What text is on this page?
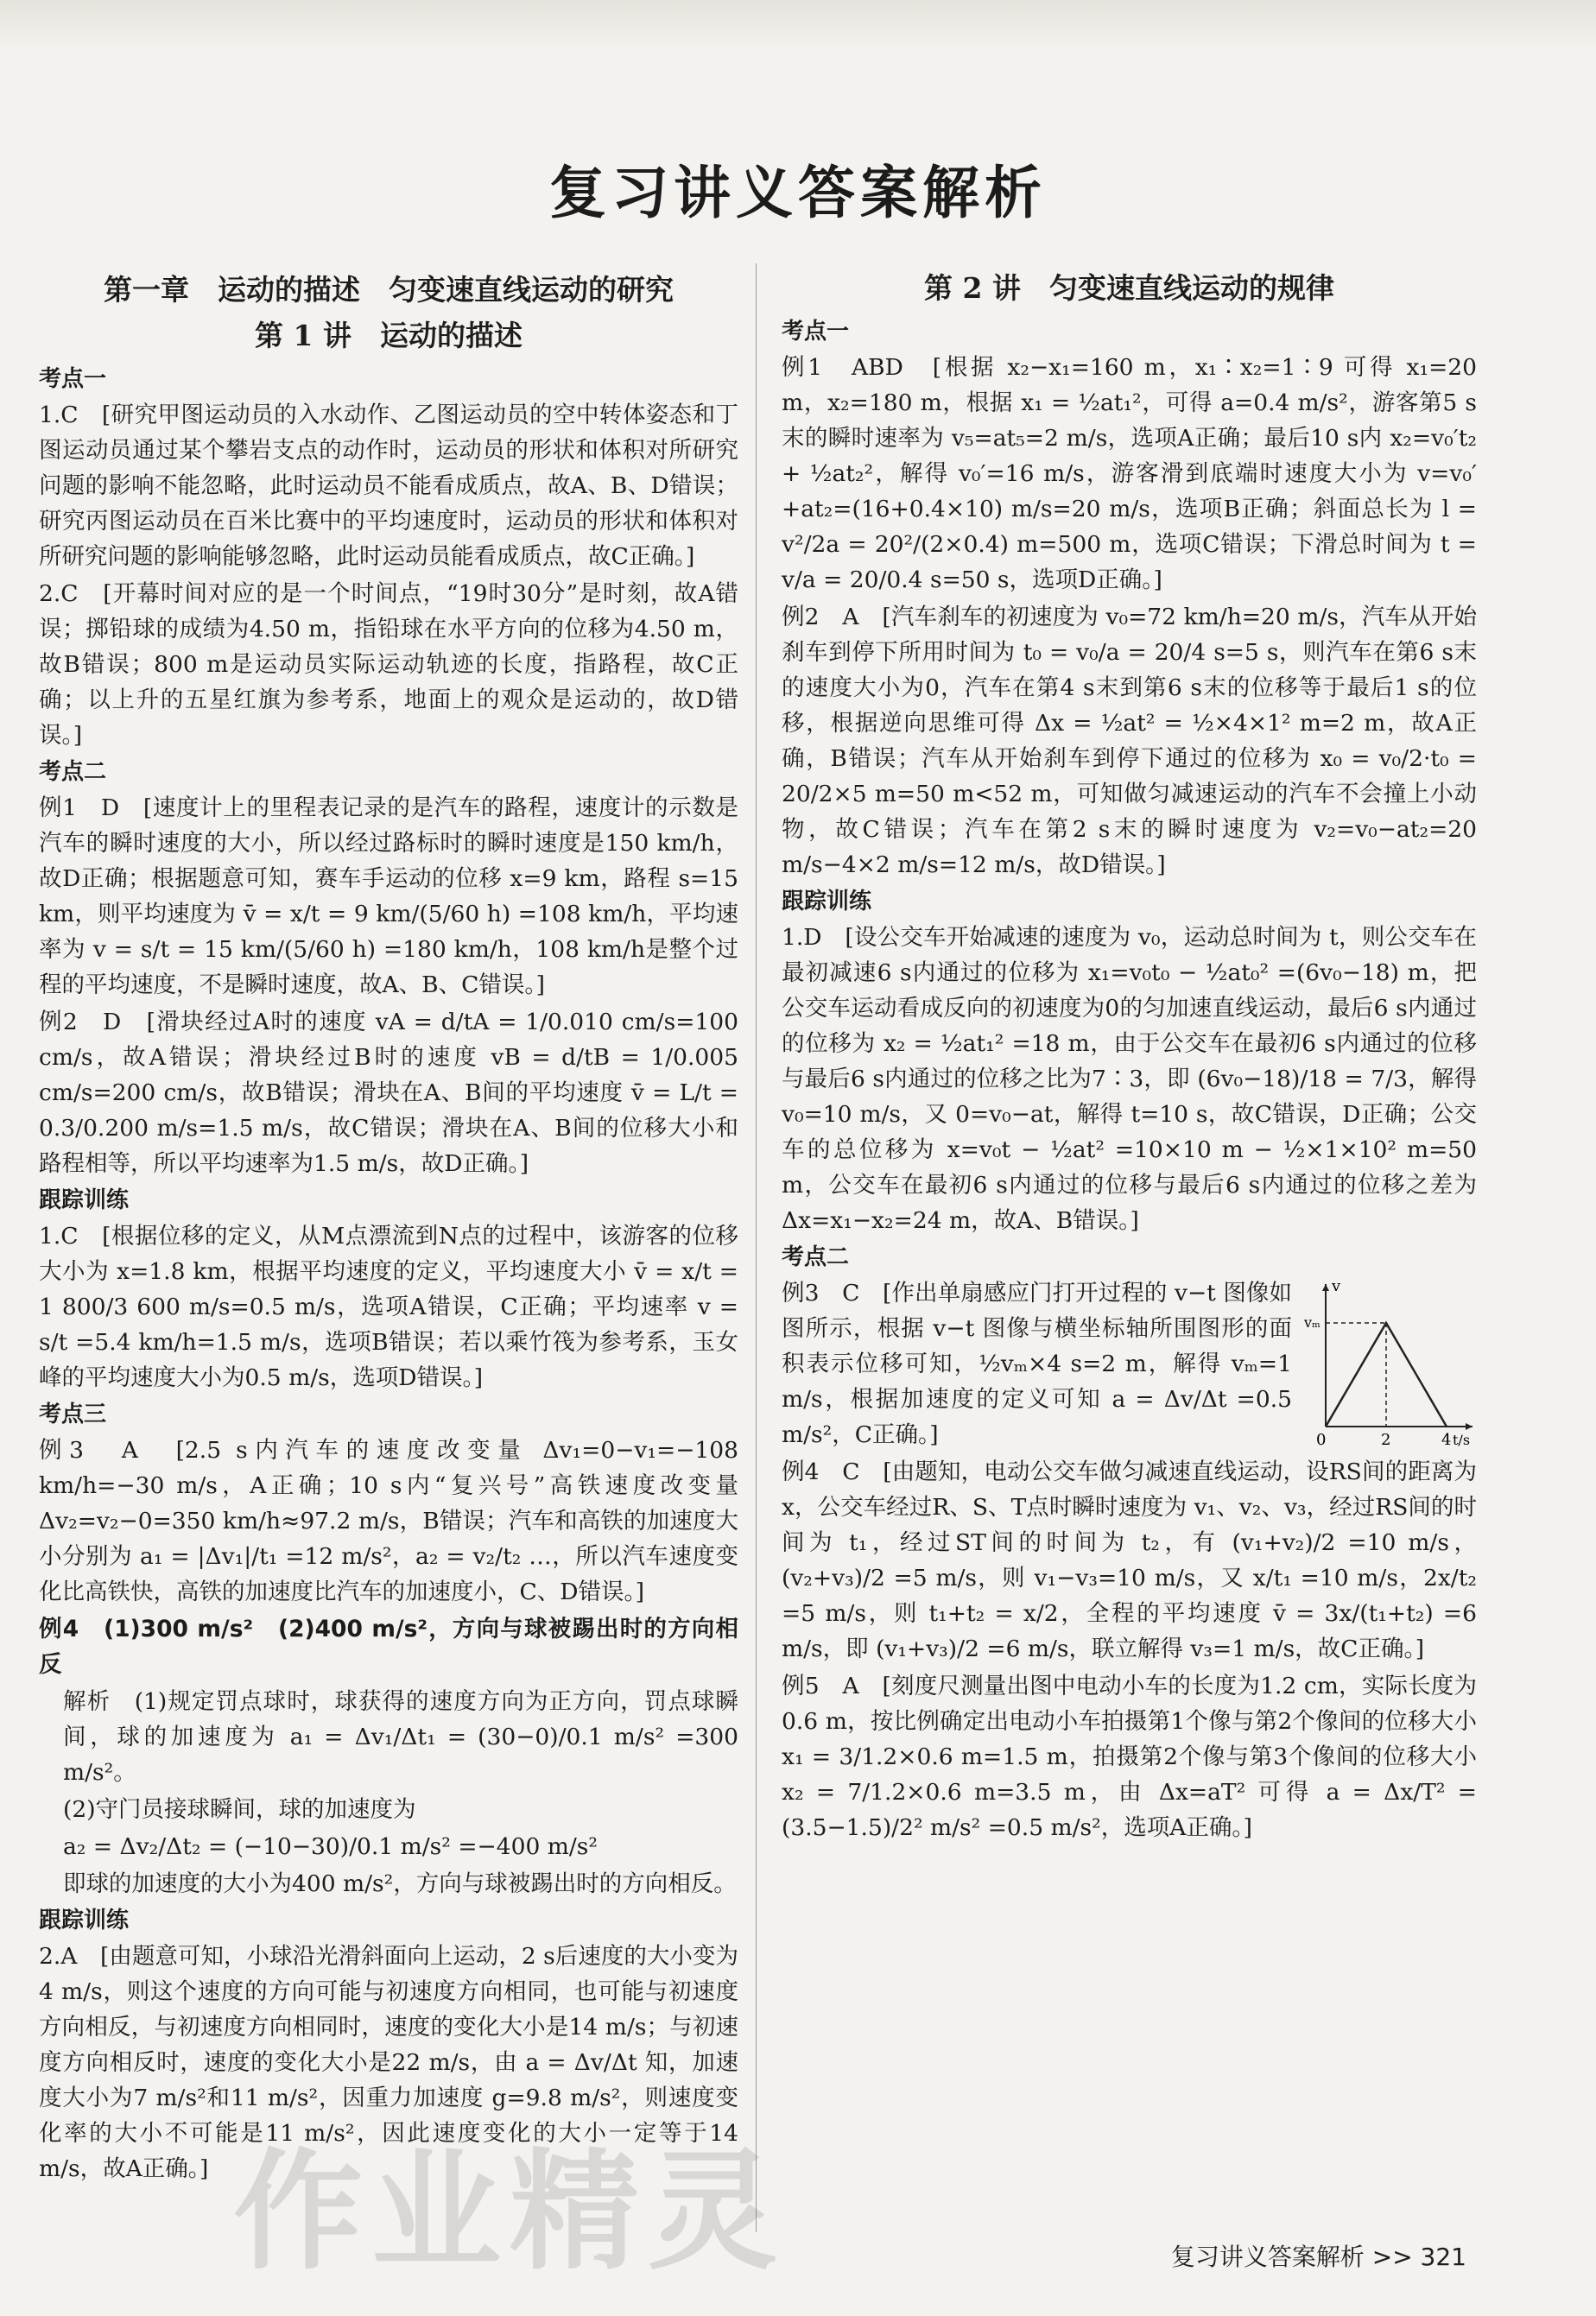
复习讲义答案解析
第一章　运动的描述　匀变速直线运动的研究
第 1 讲　运动的描述
考点一
1.C　[研究甲图运动员的入水动作、乙图运动员的空中转体姿态和丁图运动员通过某个攀岩支点的动作时，运动员的形状和体积对所研究问题的影响不能忽略，此时运动员不能看成质点，故A、B、D错误；研究丙图运动员在百米比赛中的平均速度时，运动员的形状和体积对所研究问题的影响能够忽略，此时运动员能看成质点，故C正确。]
2.C　[开幕时间对应的是一个时间点，“19时30分”是时刻，故A错误；掷铅球的成绩为4.50 m，指铅球在水平方向的位移为4.50 m，故B错误；800 m是运动员实际运动轨迹的长度，指路程，故C正确；以上升的五星红旗为参考系，地面上的观众是运动的，故D错误。]
考点二
例1　D　[速度计上的里程表记录的是汽车的路程，速度计的示数是汽车的瞬时速度的大小，所以经过路标时的瞬时速度是150 km/h，故D正确；根据题意可知，赛车手运动的位移 x=9 km，路程 s=15 km，则平均速度为 v̄ = x/t = 9 km/(5/60 h) =108 km/h，平均速率为 v = s/t = 15 km/(5/60 h) =180 km/h，108 km/h是整个过程的平均速度，不是瞬时速度，故A、B、C错误。]
例2　D　[滑块经过A时的速度 vA = d/tA = 1/0.010 cm/s=100 cm/s，故A错误；滑块经过B时的速度 vB = d/tB = 1/0.005 cm/s=200 cm/s，故B错误；滑块在A、B间的平均速度 v̄ = L/t = 0.3/0.200 m/s=1.5 m/s，故C错误；滑块在A、B间的位移大小和路程相等，所以平均速率为1.5 m/s，故D正确。]
跟踪训练
1.C　[根据位移的定义，从M点漂流到N点的过程中，该游客的位移大小为 x=1.8 km，根据平均速度的定义，平均速度大小 v̄ = x/t = 1 800/3 600 m/s=0.5 m/s，选项A错误，C正确；平均速率 v = s/t =5.4 km/h=1.5 m/s，选项B错误；若以乘竹筏为参考系，玉女峰的平均速度大小为0.5 m/s，选项D错误。]
考点三
例3　A　[2.5 s内汽车的速度改变量 Δv₁=0−v₁=−108 km/h=−30 m/s，A正确；10 s内“复兴号”高铁速度改变量 Δv₂=v₂−0=350 km/h≈97.2 m/s，B错误；汽车和高铁的加速度大小分别为 a₁ = |Δv₁|/t₁ =12 m/s²，a₂ = v₂/t₂ …，所以汽车速度变化比高铁快，高铁的加速度比汽车的加速度小，C、D错误。]
例4　(1)300 m/s²　(2)400 m/s²，方向与球被踢出时的方向相反
解析　(1)规定罚点球时，球获得的速度方向为正方向，罚点球瞬间，球的加速度为 a₁ = Δv₁/Δt₁ = (30−0)/0.1 m/s² =300 m/s²。
(2)守门员接球瞬间，球的加速度为
a₂ = Δv₂/Δt₂ = (−10−30)/0.1 m/s² =−400 m/s²
即球的加速度的大小为400 m/s²，方向与球被踢出时的方向相反。
跟踪训练
2.A　[由题意可知，小球沿光滑斜面向上运动，2 s后速度的大小变为4 m/s，则这个速度的方向可能与初速度方向相同，也可能与初速度方向相反，与初速度方向相同时，速度的变化大小是14 m/s；与初速度方向相反时，速度的变化大小是22 m/s，由 a = Δv/Δt 知，加速度大小为7 m/s²和11 m/s²，因重力加速度 g=9.8 m/s²，则速度变化率的大小不可能是11 m/s²，因此速度变化的大小一定等于14 m/s，故A正确。]
第 2 讲　匀变速直线运动的规律
考点一
例1　ABD　[根据 x₂−x₁=160 m，x₁∶x₂=1∶9 可得 x₁=20 m，x₂=180 m，根据 x₁ = ½at₁²，可得 a=0.4 m/s²，游客第5 s末的瞬时速率为 v₅=at₅=2 m/s，选项A正确；最后10 s内 x₂=v₀′t₂ + ½at₂²，解得 v₀′=16 m/s，游客滑到底端时速度大小为 v=v₀′+at₂=(16+0.4×10) m/s=20 m/s，选项B正确；斜面总长为 l = v²/2a = 20²/(2×0.4) m=500 m，选项C错误；下滑总时间为 t = v/a = 20/0.4 s=50 s，选项D正确。]
例2　A　[汽车刹车的初速度为 v₀=72 km/h=20 m/s，汽车从开始刹车到停下所用时间为 t₀ = v₀/a = 20/4 s=5 s，则汽车在第6 s末的速度大小为0，汽车在第4 s末到第6 s末的位移等于最后1 s的位移，根据逆向思维可得 Δx = ½at² = ½×4×1² m=2 m，故A正确，B错误；汽车从开始刹车到停下通过的位移为 x₀ = v₀/2·t₀ = 20/2×5 m=50 m<52 m，可知做匀减速运动的汽车不会撞上小动物，故C错误；汽车在第2 s末的瞬时速度为 v₂=v₀−at₂=20 m/s−4×2 m/s=12 m/s，故D错误。]
跟踪训练
1.D　[设公交车开始减速的速度为 v₀，运动总时间为 t，则公交车在最初减速6 s内通过的位移为 x₁=v₀t₀ − ½at₀² =(6v₀−18) m，把公交车运动看成反向的初速度为0的匀加速直线运动，最后6 s内通过的位移为 x₂ = ½at₁² =18 m，由于公交车在最初6 s内通过的位移与最后6 s内通过的位移之比为7∶3，即 (6v₀−18)/18 = 7/3，解得 v₀=10 m/s，又 0=v₀−at，解得 t=10 s，故C错误，D正确；公交车的总位移为 x=v₀t − ½at² =10×10 m − ½×1×10² m=50 m，公交车在最初6 s内通过的位移与最后6 s内通过的位移之差为 Δx=x₁−x₂=24 m，故A、B错误。]
考点二
v
vₘ
0	2	4 t/s
例3　C　[作出单扇感应门打开过程的 v−t 图像如图所示，根据 v−t 图像与横坐标轴所围图形的面积表示位移可知，½vₘ×4 s=2 m，解得 vₘ=1 m/s，根据加速度的定义可知 a = Δv/Δt =0.5 m/s²，C正确。]
例4　C　[由题知，电动公交车做匀减速直线运动，设RS间的距离为 x，公交车经过R、S、T点时瞬时速度为 v₁、v₂、v₃，经过RS间的时间为 t₁，经过ST间的时间为 t₂，有 (v₁+v₂)/2 =10 m/s，(v₂+v₃)/2 =5 m/s，则 v₁−v₃=10 m/s，又 x/t₁ =10 m/s，2x/t₂ =5 m/s，则 t₁+t₂ = x/2，全程的平均速度 v̄ = 3x/(t₁+t₂) =6 m/s，即 (v₁+v₃)/2 =6 m/s，联立解得 v₃=1 m/s，故C正确。]
例5　A　[刻度尺测量出图中电动小车的长度为1.2 cm，实际长度为0.6 m，按比例确定出电动小车拍摄第1个像与第2个像间的位移大小 x₁ = 3/1.2×0.6 m=1.5 m，拍摄第2个像与第3个像间的位移大小 x₂ = 7/1.2×0.6 m=3.5 m，由 Δx=aT² 可得 a = Δx/T² = (3.5−1.5)/2² m/s² =0.5 m/s²，选项A正确。]
作业精灵	复习讲义答案解析 >> 321
